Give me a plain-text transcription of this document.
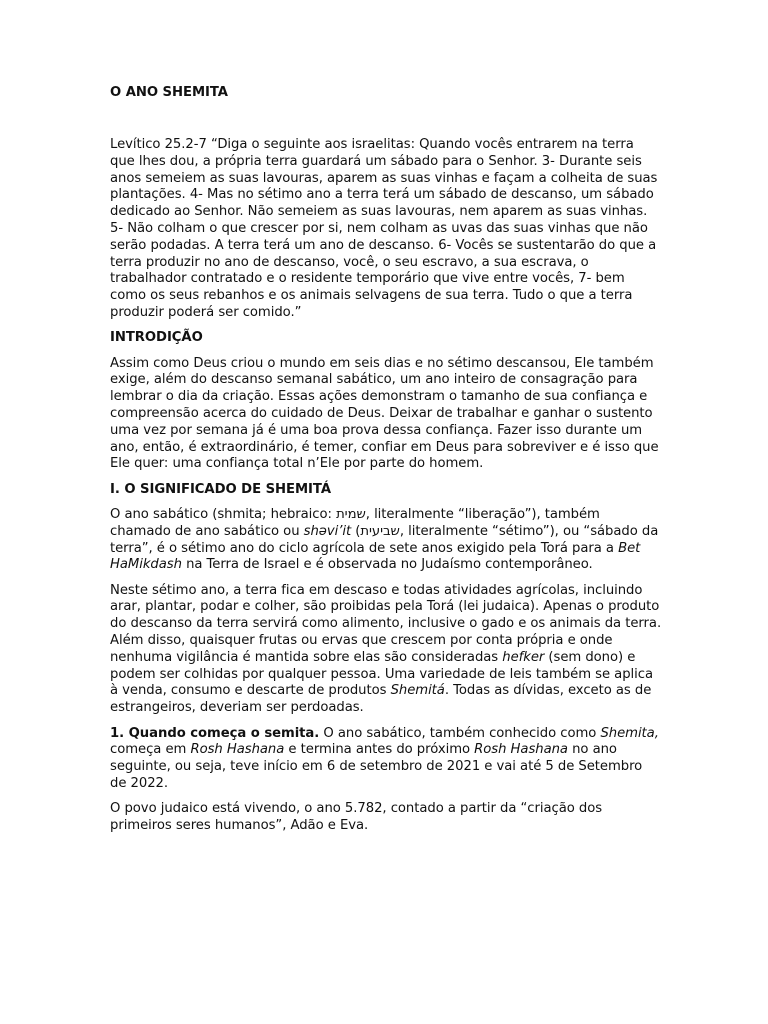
O ANO SHEMITA

Levítico 25.2-7 “Diga o seguinte aos israelitas: Quando vocês entrarem na terra que lhes dou, a própria terra guardará um sábado para o Senhor. 3- Durante seis anos semeiem as suas lavouras, aparem as suas vinhas e façam a colheita de suas plantações. 4- Mas no sétimo ano a terra terá um sábado de descanso, um sábado dedicado ao Senhor. Não semeiem as suas lavouras, nem aparem as suas vinhas. 5- Não colham o que crescer por si, nem colham as uvas das suas vinhas que não serão podadas. A terra terá um ano de descanso. 6- Vocês se sustentarão do que a terra produzir no ano de descanso, você, o seu escravo, a sua escrava, o trabalhador contratado e o residente temporário que vive entre vocês, 7- bem como os seus rebanhos e os animais selvagens de sua terra. Tudo o que a terra produzir poderá ser comido.”

INTRODIÇÃO

Assim como Deus criou o mundo em seis dias e no sétimo descansou, Ele também exige, além do descanso semanal sabático, um ano inteiro de consagração para lembrar o dia da criação. Essas ações demonstram o tamanho de sua confiança e compreensão acerca do cuidado de Deus. Deixar de trabalhar e ganhar o sustento uma vez por semana já é uma boa prova dessa confiança. Fazer isso durante um ano, então, é extraordinário, é temer, confiar em Deus para sobreviver e é isso que Ele quer: uma confiança total n’Ele por parte do homem.

I. O SIGNIFICADO DE SHEMITÁ

O ano sabático (shmita; hebraico: שמית, literalmente “liberação”), também chamado de ano sabático ou shəvi’it (שביעית, literalmente “sétimo”), ou “sábado da terra”, é o sétimo ano do ciclo agrícola de sete anos exigido pela Torá para a Bet HaMikdash na Terra de Israel e é observada no Judaísmo contemporâneo.

Neste sétimo ano, a terra fica em descaso e todas atividades agrícolas, incluindo arar, plantar, podar e colher, são proibidas pela Torá (lei judaica). Apenas o produto do descanso da terra servirá como alimento, inclusive o gado e os animais da terra. Além disso, quaisquer frutas ou ervas que crescem por conta própria e onde nenhuma vigilância é mantida sobre elas são consideradas hefker (sem dono) e podem ser colhidas por qualquer pessoa. Uma variedade de leis também se aplica à venda, consumo e descarte de produtos Shemitá. Todas as dívidas, exceto as de estrangeiros, deveriam ser perdoadas.

1. Quando começa o semita. O ano sabático, também conhecido como Shemita, começa em Rosh Hashana e termina antes do próximo Rosh Hashana no ano seguinte, ou seja, teve início em 6 de setembro de 2021 e vai até 5 de Setembro de 2022.

O povo judaico está vivendo, o ano 5.782, contado a partir da “criação dos primeiros seres humanos”, Adão e Eva.
